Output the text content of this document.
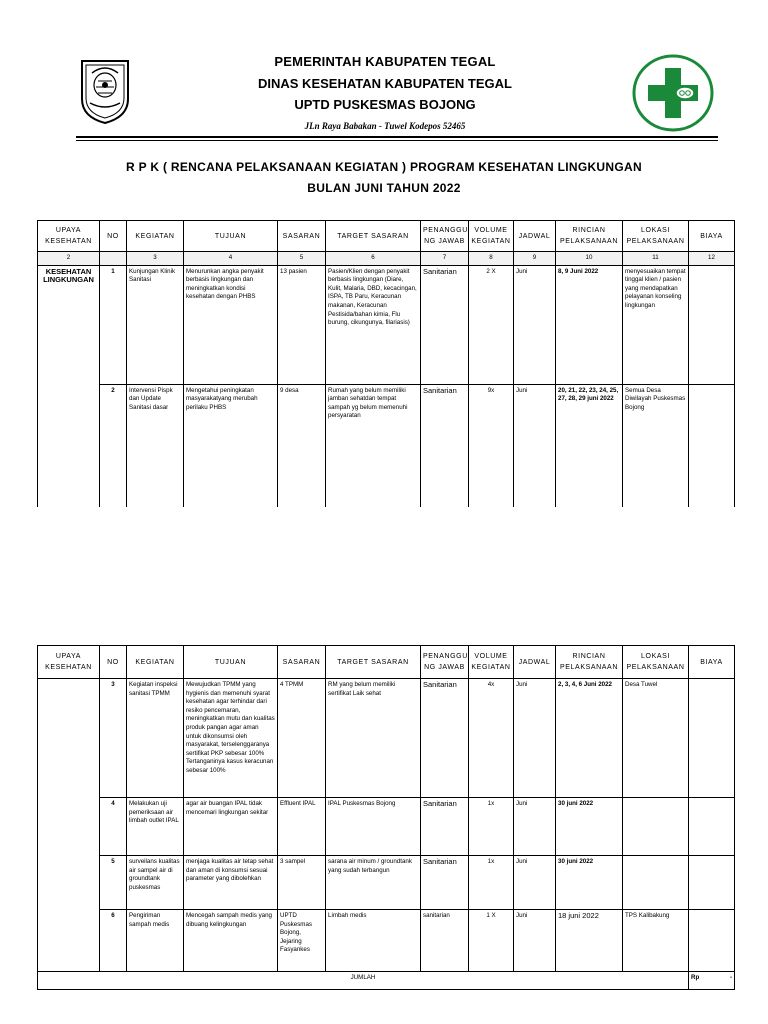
PEMERINTAH KABUPATEN TEGAL
DINAS KESEHATAN KABUPATEN TEGAL
UPTD PUSKESMAS BOJONG
JLn Raya Babakan - Tuwel Kodepos 52465
R P K ( RENCANA PELAKSANAAN KEGIATAN ) PROGRAM KESEHATAN LINGKUNGAN
BULAN JUNI TAHUN 2022
UPAYA KESEHATAN	NO	KEGIATAN	TUJUAN	SASARAN	TARGET SASARAN	PENANGGU NG JAWAB	VOLUME KEGIATAN	JADWAL	RINCIAN PELAKSANAAN	LOKASI PELAKSANAAN	BIAYA
2		3	4	5	6	7	8	9	10	11	12
KESEHATAN LINGKUNGAN	1	Kunjungan Klinik Sanitasi	Menurunkan angka penyakit berbasis lingkungan dan meningkatkan kondisi kesehatan dengan PHBS	13 pasien	Pasien/Klien dengan penyakit berbasis lingkungan (Diare, Kulit, Malaria, DBD, kecacingan, ISPA, TB Paru, Keracunan makanan, Keracunan Pestisida/bahan kimia, Flu burung, cikungunya, filariasis)	Sanitarian	2 X	Juni	8, 9 Juni 2022	menyesuaikan tempat tinggal klien / pasien yang mendapatkan pelayanan konseling lingkungan	
	2	Intervensi Pispk dan Update Sanitasi dasar	Mengetahui peningkatan masyarakatyang merubah perilaku PHBS	9 desa	Rumah yang belum memiliki jamban sehatdan tempat sampah yg belum memenuhi persyaratan	Sanitarian	9x	Juni	20, 21, 22, 23, 24, 25, 27, 28, 29 juni 2022	Semua Desa Diwilayah Puskesmas Bojong	
UPAYA KESEHATAN	NO	KEGIATAN	TUJUAN	SASARAN	TARGET SASARAN	PENANGGU NG JAWAB	VOLUME KEGIATAN	JADWAL	RINCIAN PELAKSANAAN	LOKASI PELAKSANAAN	BIAYA
	3	Kegiatan inspeksi sanitasi TPMM	Mewujudkan TPMM yang hygienis dan memenuhi syarat kesehatan agar terhindar dari resiko pencemaran, meningkatkan mutu dan kualitas produk pangan agar aman untuk dikonsumsi oleh masyarakat, terselenggaranya sertifikat PKP sebesar 100% Tertanganinya kasus keracunan sebesar 100%	4 TPMM	RM yang belum memiliki sertifikat Laik sehat	Sanitarian	4x	Juni	2, 3, 4, 6 Juni 2022	Desa Tuwel	
	4	Melakukan uji pemeriksaan air limbah outlet IPAL	agar air buangan IPAL tidak mencemari lingkungan sekitar	Effluent IPAL	IPAL Puskesmas Bojong	Sanitarian	1x	Juni	30 juni 2022		
	5	surveilans kualitas air sampel air di groundtank puskesmas	menjaga kualitas air tetap sehat dan aman di konsumsi sesuai parameter yang dibolehkan	3 sampel	sarana air minum / groundtank yang sudah terbangun	Sanitarian	1x	Juni	30 juni 2022		
	6	Pengiriman sampah medis	Mencegah sampah medis yang dibuang kelingkungan	UPTD Puskesmas Bojong, Jejaring Fasyankes	Limbah medis	sanitarian	1 X	Juni	18 juni 2022	TPS Kalibakung	
JUMLAH											Rp -
